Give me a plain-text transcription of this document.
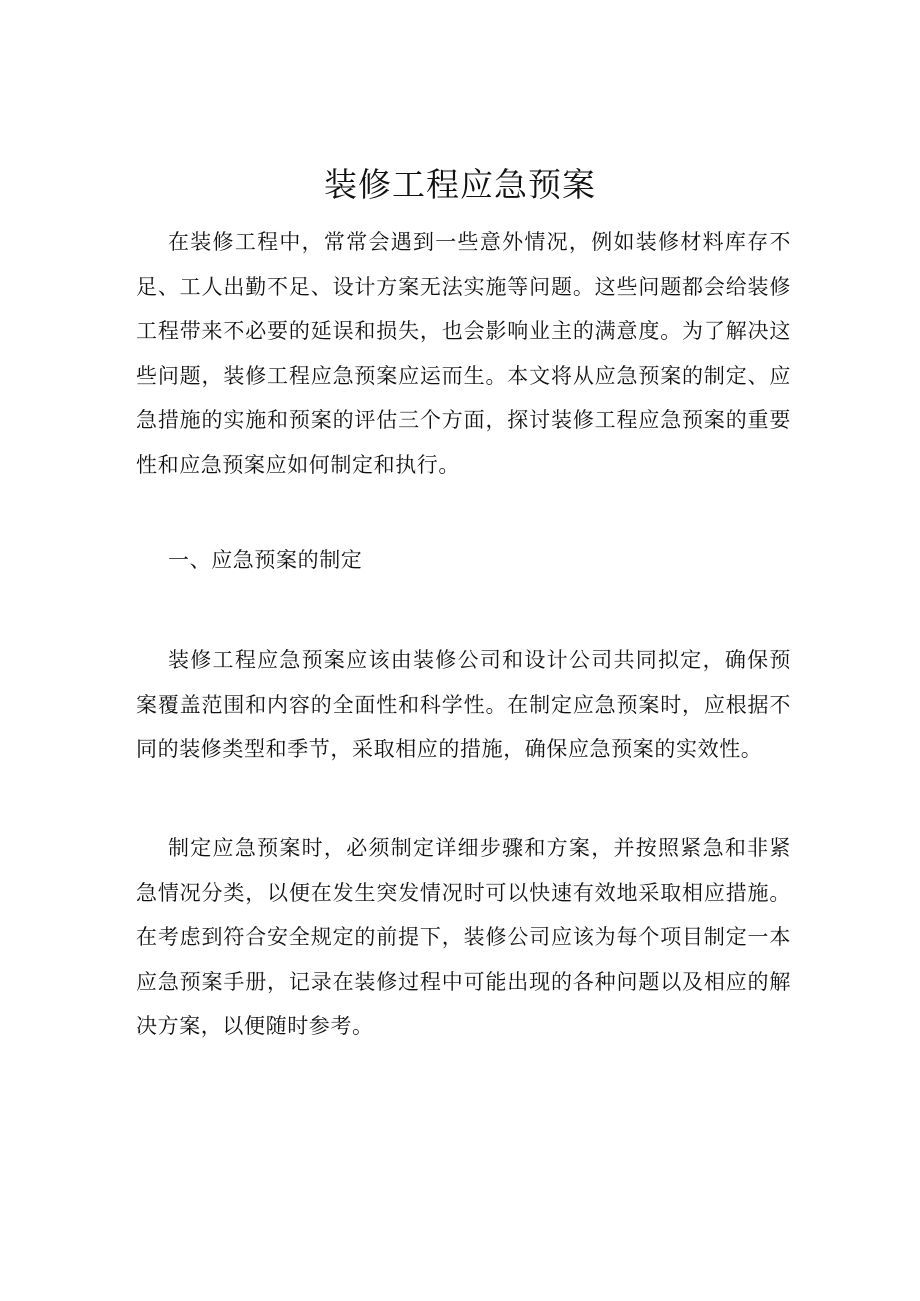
装修工程应急预案

在装修工程中，常常会遇到一些意外情况，例如装修材料库存不足、工人出勤不足、设计方案无法实施等问题。这些问题都会给装修工程带来不必要的延误和损失，也会影响业主的满意度。为了解决这些问题，装修工程应急预案应运而生。本文将从应急预案的制定、应急措施的实施和预案的评估三个方面，探讨装修工程应急预案的重要性和应急预案应如何制定和执行。

一、应急预案的制定

装修工程应急预案应该由装修公司和设计公司共同拟定，确保预案覆盖范围和内容的全面性和科学性。在制定应急预案时，应根据不同的装修类型和季节，采取相应的措施，确保应急预案的实效性。

制定应急预案时，必须制定详细步骤和方案，并按照紧急和非紧急情况分类，以便在发生突发情况时可以快速有效地采取相应措施。在考虑到符合安全规定的前提下，装修公司应该为每个项目制定一本应急预案手册，记录在装修过程中可能出现的各种问题以及相应的解决方案，以便随时参考。
